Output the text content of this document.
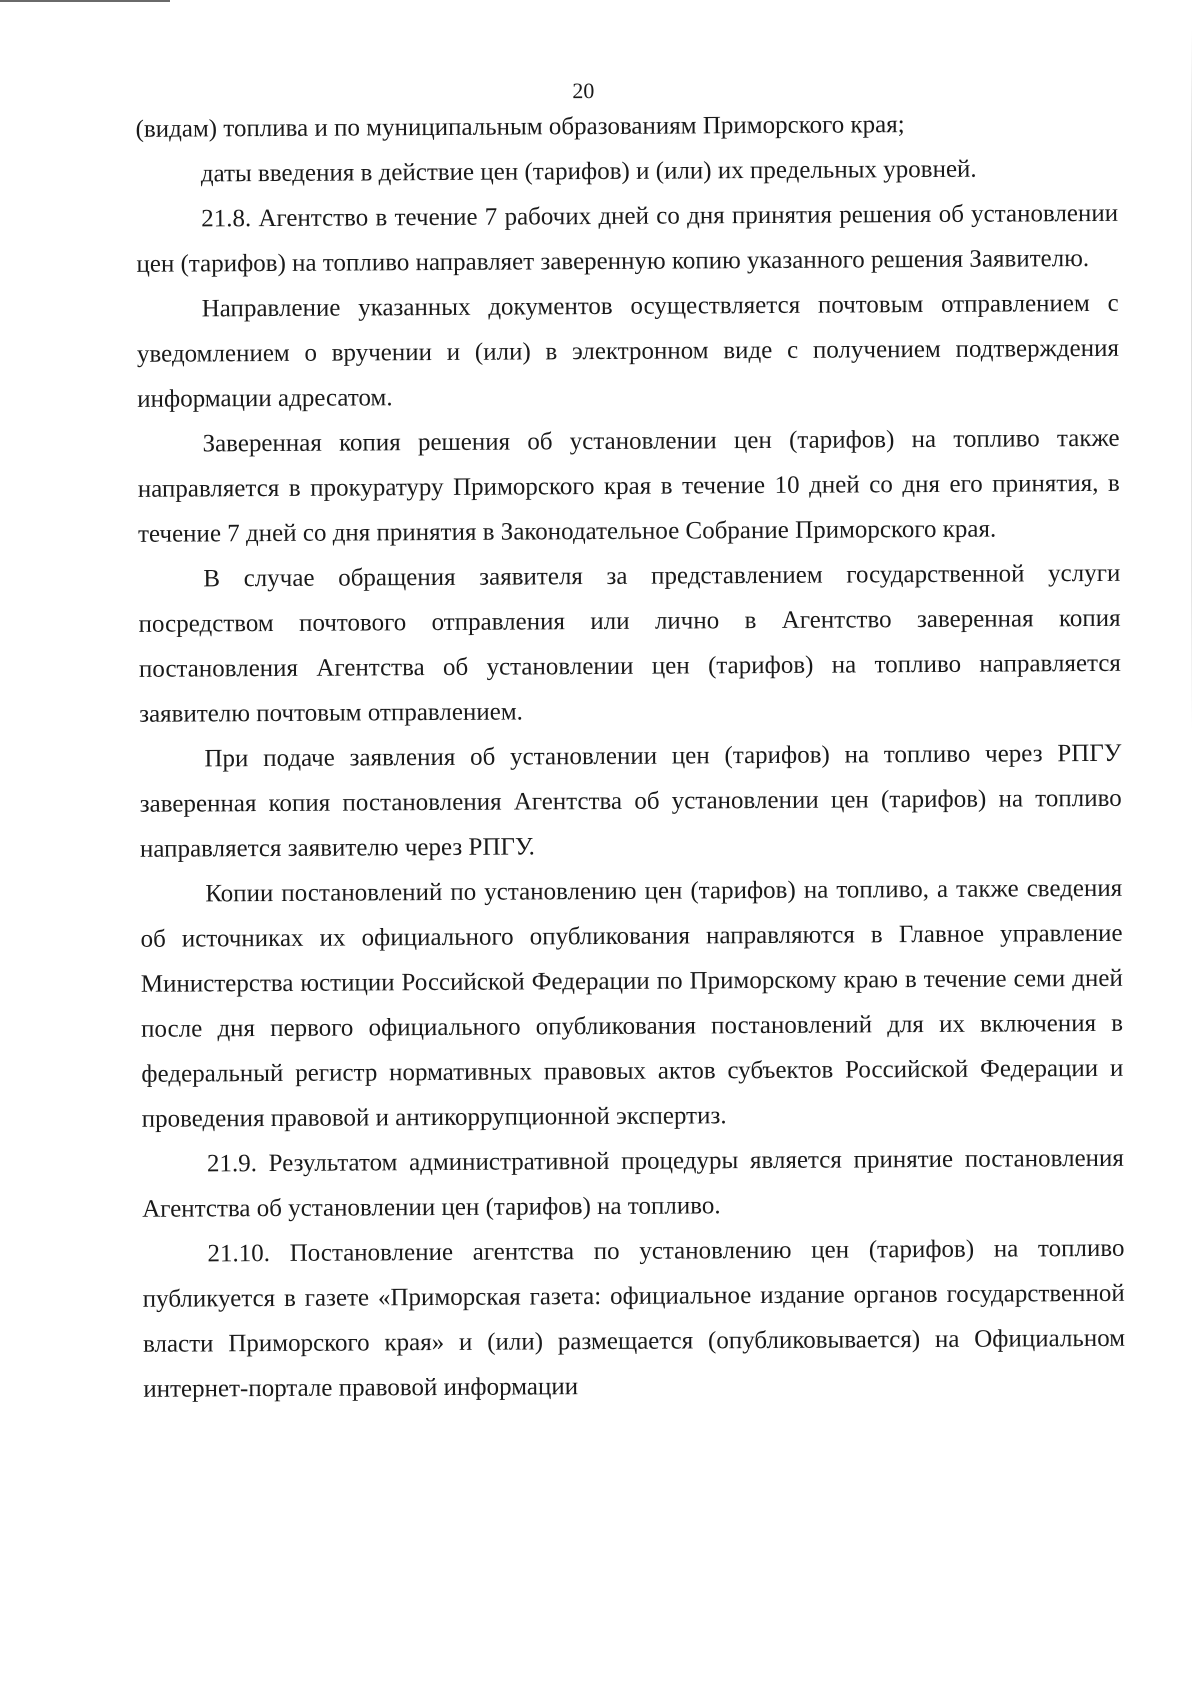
20

(видам) топлива и по муниципальным образованиям Приморского края;

даты введения в действие цен (тарифов) и (или) их предельных уровней.

21.8. Агентство в течение 7 рабочих дней со дня принятия решения об установлении цен (тарифов) на топливо направляет заверенную копию указанного решения Заявителю.

Направление указанных документов осуществляется почтовым отправлением с уведомлением о вручении и (или) в электронном виде с получением подтверждения информации адресатом.

Заверенная копия решения об установлении цен (тарифов) на топливо также направляется в прокуратуру Приморского края в течение 10 дней со дня его принятия, в течение 7 дней со дня принятия в Законодательное Собрание Приморского края.

В случае обращения заявителя за представлением государственной услуги посредством почтового отправления или лично в Агентство заверенная копия постановления Агентства об установлении цен (тарифов) на топливо направляется заявителю почтовым отправлением.

При подаче заявления об установлении цен (тарифов) на топливо через РПГУ заверенная копия постановления Агентства об установлении цен (тарифов) на топливо направляется заявителю через РПГУ.

Копии постановлений по установлению цен (тарифов) на топливо, а также сведения об источниках их официального опубликования направляются в Главное управление Министерства юстиции Российской Федерации по Приморскому краю в течение семи дней после дня первого официального опубликования постановлений для их включения в федеральный регистр нормативных правовых актов субъектов Российской Федерации и проведения правовой и антикоррупционной экспертиз.

21.9. Результатом административной процедуры является принятие постановления Агентства об установлении цен (тарифов) на топливо.

21.10. Постановление агентства по установлению цен (тарифов) на топливо публикуется в газете «Приморская газета: официальное издание органов государственной власти Приморского края» и (или) размещается (опубликовывается) на Официальном интернет-портале правовой информации
